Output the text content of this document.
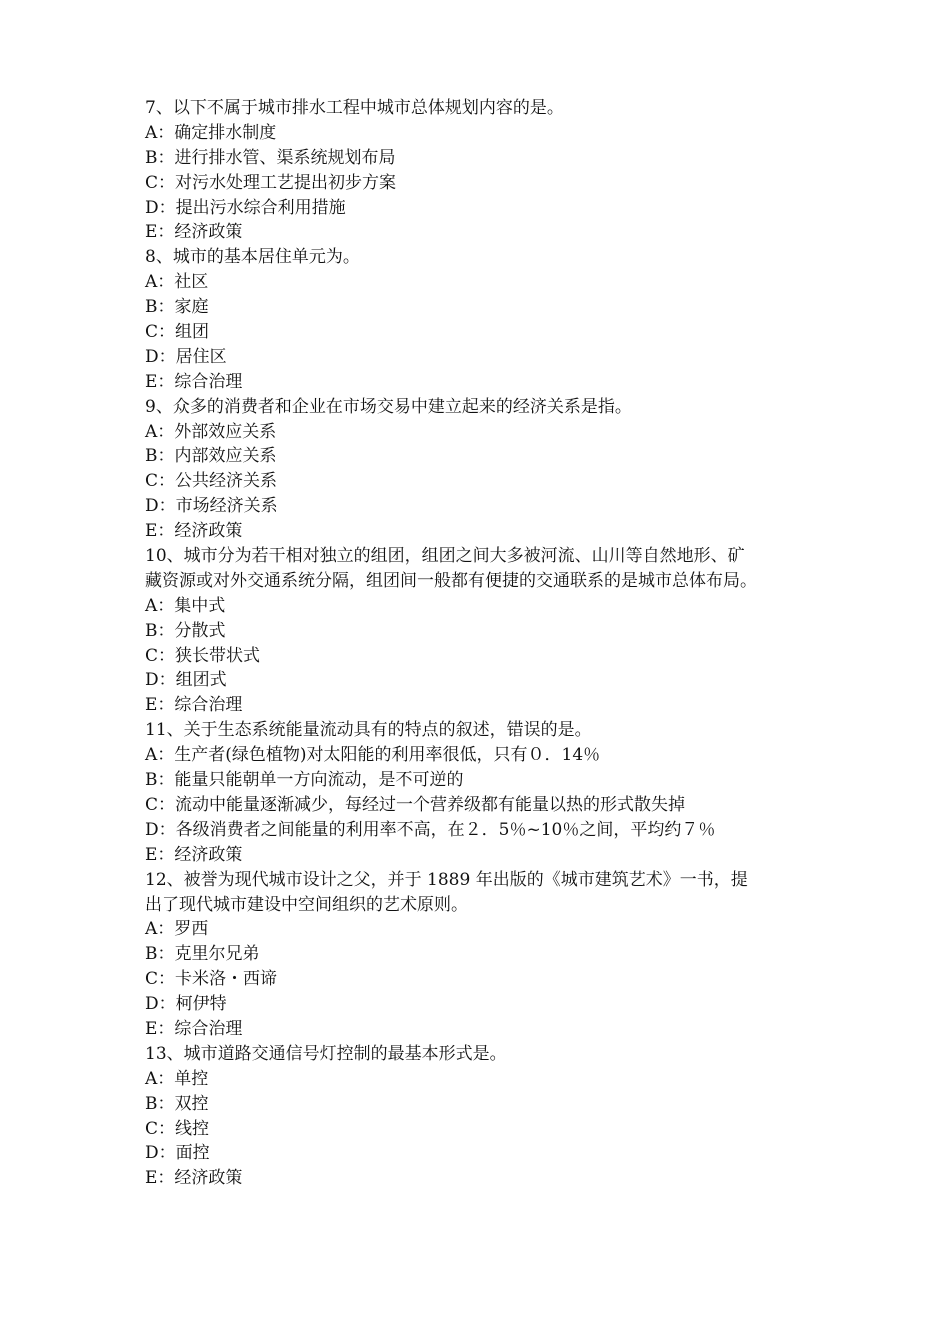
7、以下不属于城市排水工程中城市总体规划内容的是。
A：确定排水制度
B：进行排水管、渠系统规划布局
C：对污水处理工艺提出初步方案
D：提出污水综合利用措施
E：经济政策
8、城市的基本居住单元为。
A：社区
B：家庭
C：组团
D：居住区
E：综合治理
9、众多的消费者和企业在市场交易中建立起来的经济关系是指。
A：外部效应关系
B：内部效应关系
C：公共经济关系
D：市场经济关系
E：经济政策
10、城市分为若干相对独立的组团，组团之间大多被河流、山川等自然地形、矿
藏资源或对外交通系统分隔，组团间一般都有便捷的交通联系的是城市总体布局。
A：集中式
B：分散式
C：狭长带状式
D：组团式
E：综合治理
11、关于生态系统能量流动具有的特点的叙述，错误的是。
A：生产者(绿色植物)对太阳能的利用率很低，只有０．14％
B：能量只能朝单一方向流动，是不可逆的
C：流动中能量逐渐减少，每经过一个营养级都有能量以热的形式散失掉
D：各级消费者之间能量的利用率不高，在２．5％~10％之间，平均约７％
E：经济政策
12、被誉为现代城市设计之父，并于 1889 年出版的《城市建筑艺术》一书，提
出了现代城市建设中空间组织的艺术原则。
A：罗西
B：克里尔兄弟
C：卡米洛・西谛
D：柯伊特
E：综合治理
13、城市道路交通信号灯控制的最基本形式是。
A：单控
B：双控
C：线控
D：面控
E：经济政策
